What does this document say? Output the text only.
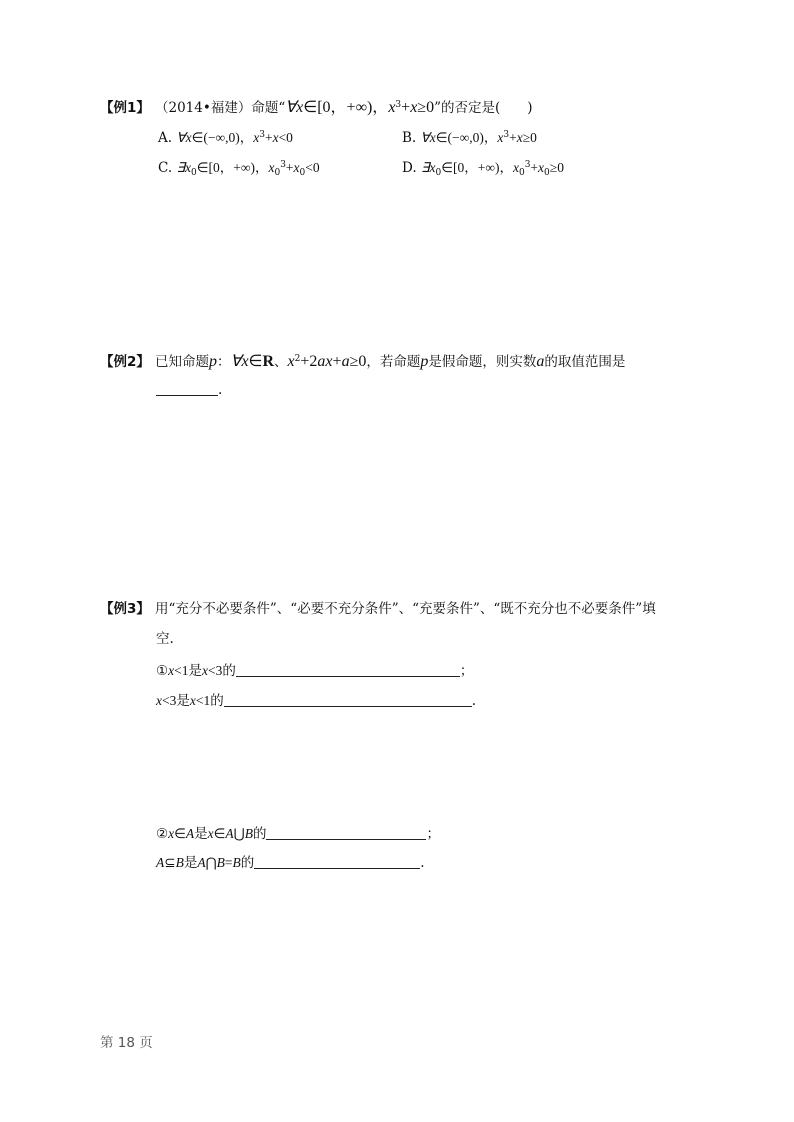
【例1】 （2014•福建）命题“∀x∈[0，+∞)，$x^3+x\ge 0$”的否定是(　　)
A. ∀x∈(−∞,0)，$x^3+x<0$	B. ∀x∈(−∞,0)，$x^3+x\ge 0$
C. $\exists x_0\in[0$，+∞)，$x_0^3+x_0<0$	D. $\exists x_0\in[0$，+∞)，$x_0^3+x_0\ge 0$
【例2】 已知命题p：∀x∈R、$x^2+2ax+a\ge 0$，若命题p是假命题，则实数a的取值范围是
.
【例3】 用“充分不必要条件”、“必要不充分条件”、“充要条件”、“既不充分也不必要条件”填
空.
①x<1是x<3的	；
x<3是x<1的	.
②x∈A是x∈A⋃B的	；
A⊆B是A⋂B=B的	.
第 18 页
